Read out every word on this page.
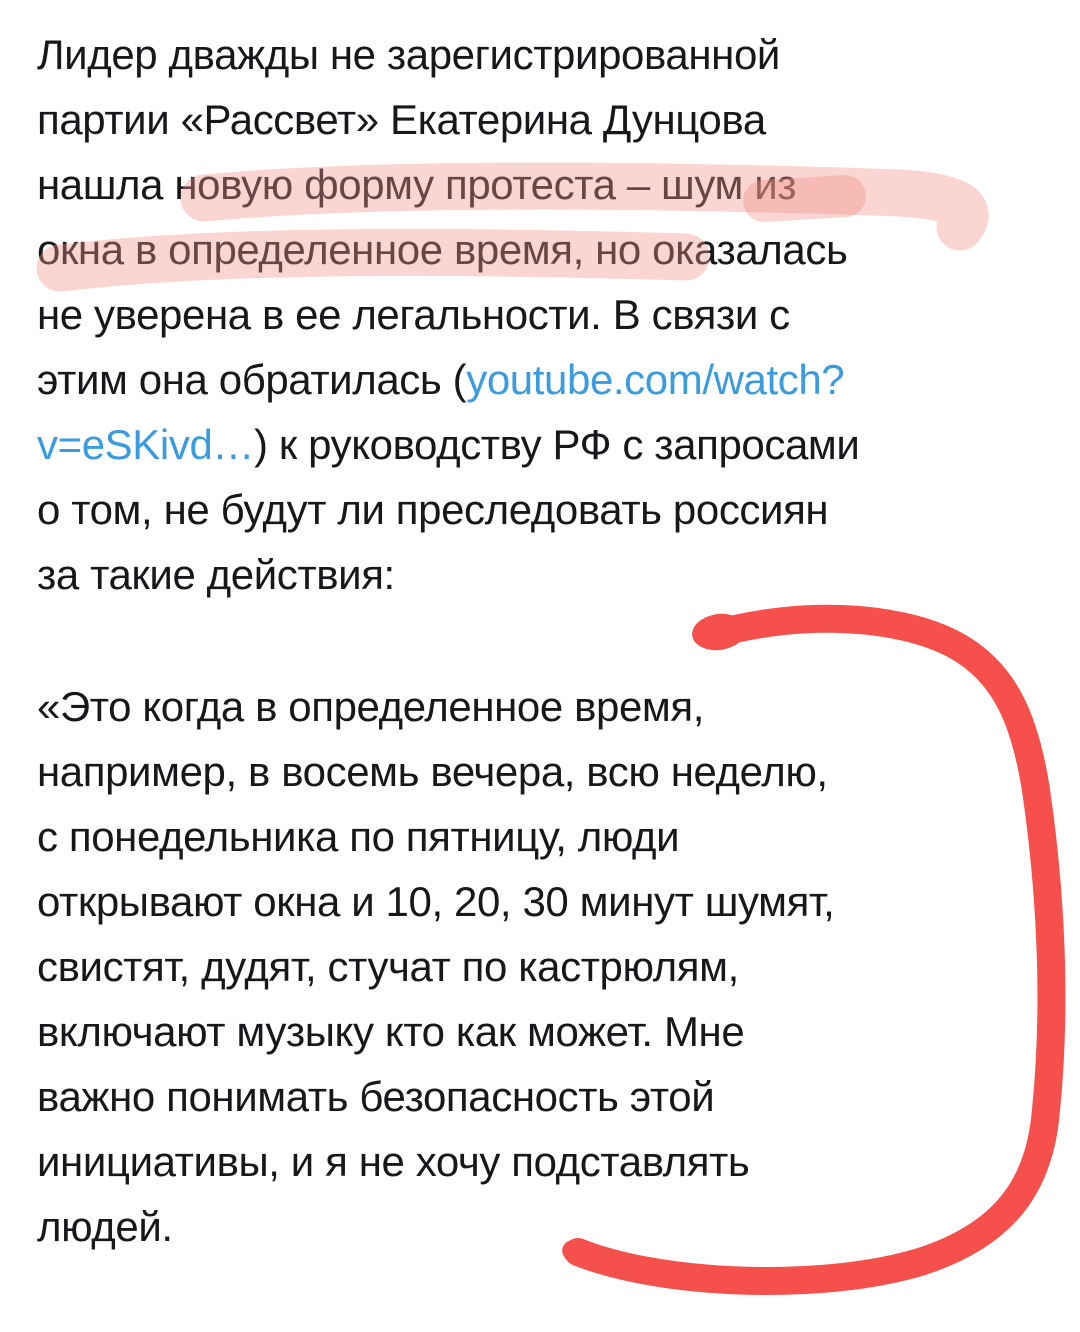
Лидер дважды не зарегистрированной
партии «Рассвет» Екатерина Дунцова
нашла новую форму протеста – шум из
окна в определенное время, но оказалась
не уверена в ее легальности. В связи с
этим она обратилась (youtube.com/watch?
v=eSKivd…) к руководству РФ с запросами
о том, не будут ли преследовать россиян
за такие действия:
«Это когда в определенное время,
например, в восемь вечера, всю неделю,
с понедельника по пятницу, люди
открывают окна и 10, 20, 30 минут шумят,
свистят, дудят, стучат по кастрюлям,
включают музыку кто как может. Мне
важно понимать безопасность этой
инициативы, и я не хочу подставлять
людей.
